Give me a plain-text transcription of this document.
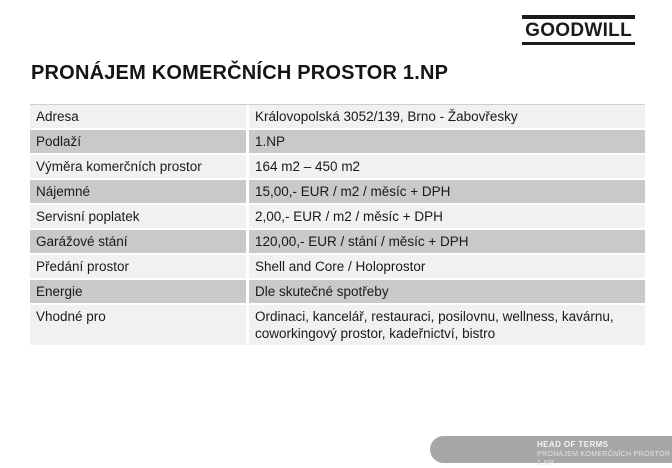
GOODWILL
PRONÁJEM KOMERČNÍCH PROSTOR 1.NP
Adresa	Královopolská 3052/139, Brno - Žabovřesky
Podlaží	1.NP
Výměra komerčních prostor	164 m2 – 450 m2
Nájemné	15,00,- EUR / m2 / měsíc + DPH
Servisní poplatek	2,00,- EUR / m2 / měsíc + DPH
Garážové stání	120,00,- EUR / stání / měsíc + DPH
Předání prostor	Shell and Core / Holoprostor
Energie	Dle skutečné spotřeby
Vhodné pro	Ordinaci, kancelář, restauraci, posilovnu, wellness, kavárnu, coworkingový prostor, kadeřnictví, bistro
HEAD OF TERMS
PRONÁJEM KOMERČNÍCH PROSTOR 1.NP
